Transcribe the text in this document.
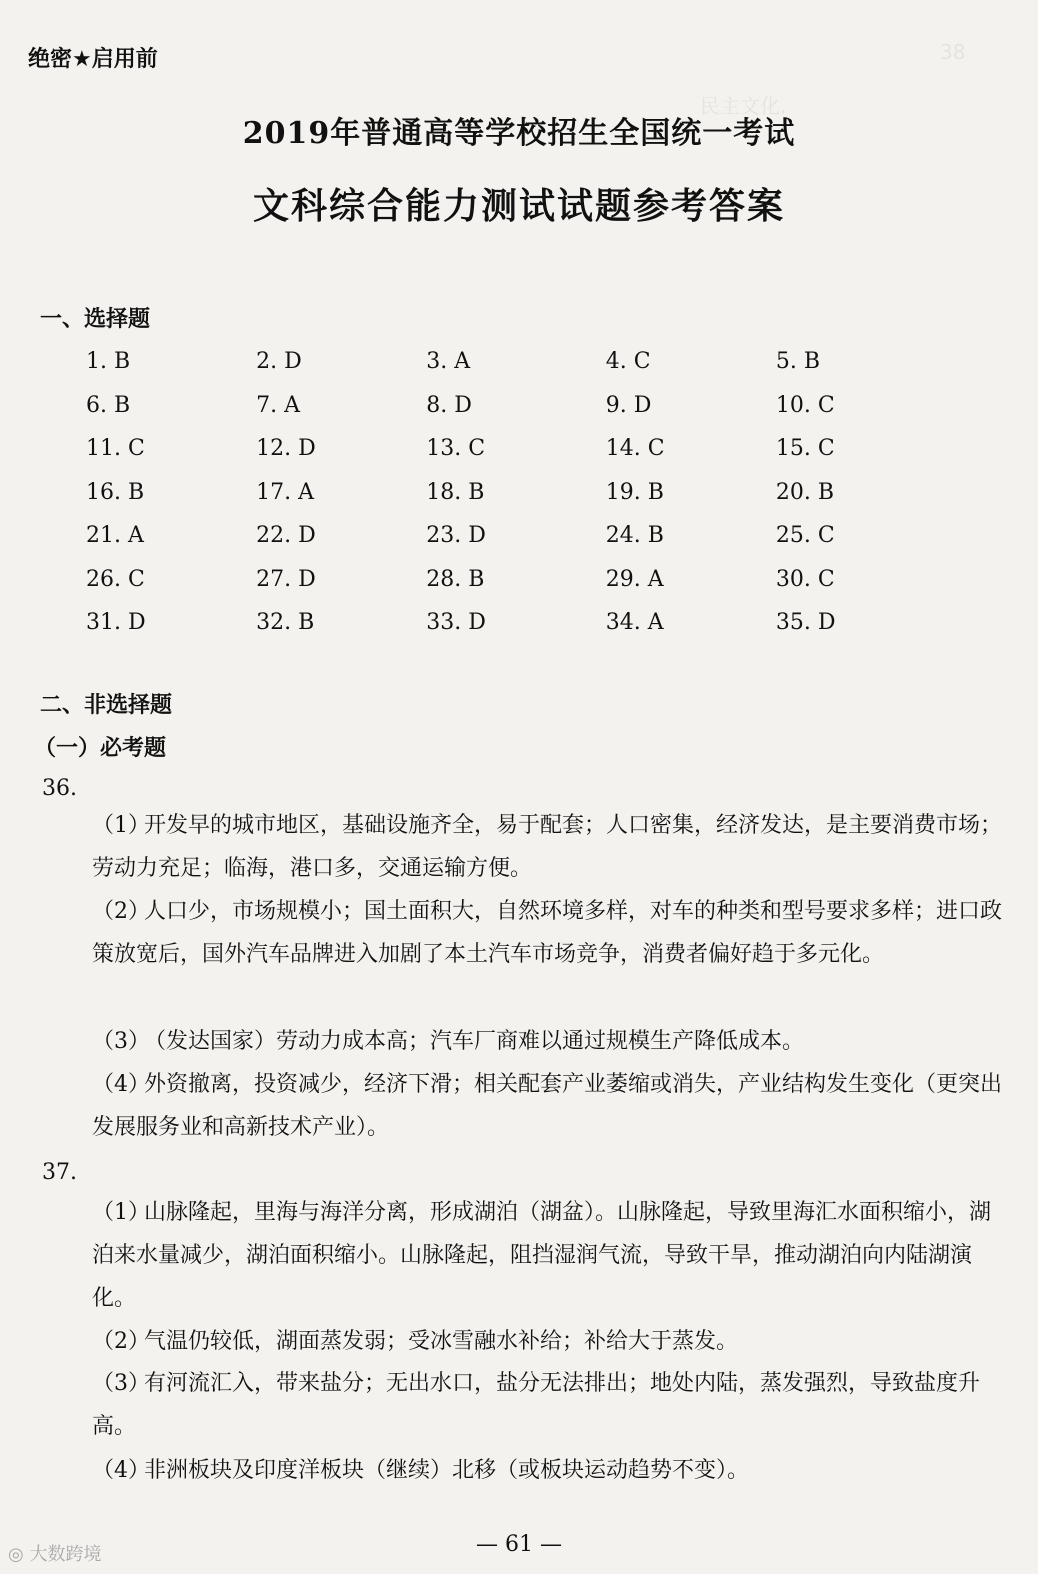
民主文化.
38
绝密★启用前
2019年普通高等学校招生全国统一考试
文科综合能力测试试题参考答案
一、选择题
1. B	2. D	3. A	4. C	5. B
6. B	7. A	8. D	9. D	10. C
11. C	12. D	13. C	14. C	15. C
16. B	17. A	18. B	19. B	20. B
21. A	22. D	23. D	24. B	25. C
26. C	27. D	28. B	29. A	30. C
31. D	32. B	33. D	34. A	35. D
二、非选择题
（一）必考题
36.
（1）开发早的城市地区，基础设施齐全，易于配套；人口密集，经济发达，是主要消费市场；劳动力充足；临海，港口多，交通运输方便。
（2）人口少，市场规模小；国土面积大，自然环境多样，对车的种类和型号要求多样；进口政策放宽后，国外汽车品牌进入加剧了本土汽车市场竞争，消费者偏好趋于多元化。
（3）（发达国家）劳动力成本高；汽车厂商难以通过规模生产降低成本。
（4）外资撤离，投资减少，经济下滑；相关配套产业萎缩或消失，产业结构发生变化（更突出发展服务业和高新技术产业）。
37.
（1）山脉隆起，里海与海洋分离，形成湖泊（湖盆）。山脉隆起，导致里海汇水面积缩小，湖泊来水量减少，湖泊面积缩小。山脉隆起，阻挡湿润气流，导致干旱，推动湖泊向内陆湖演化。
（2）气温仍较低，湖面蒸发弱；受冰雪融水补给；补给大于蒸发。
（3）有河流汇入，带来盐分；无出水口，盐分无法排出；地处内陆，蒸发强烈，导致盐度升高。
（4）非洲板块及印度洋板块（继续）北移（或板块运动趋势不变）。
— 61 —
◎ 大数跨境
